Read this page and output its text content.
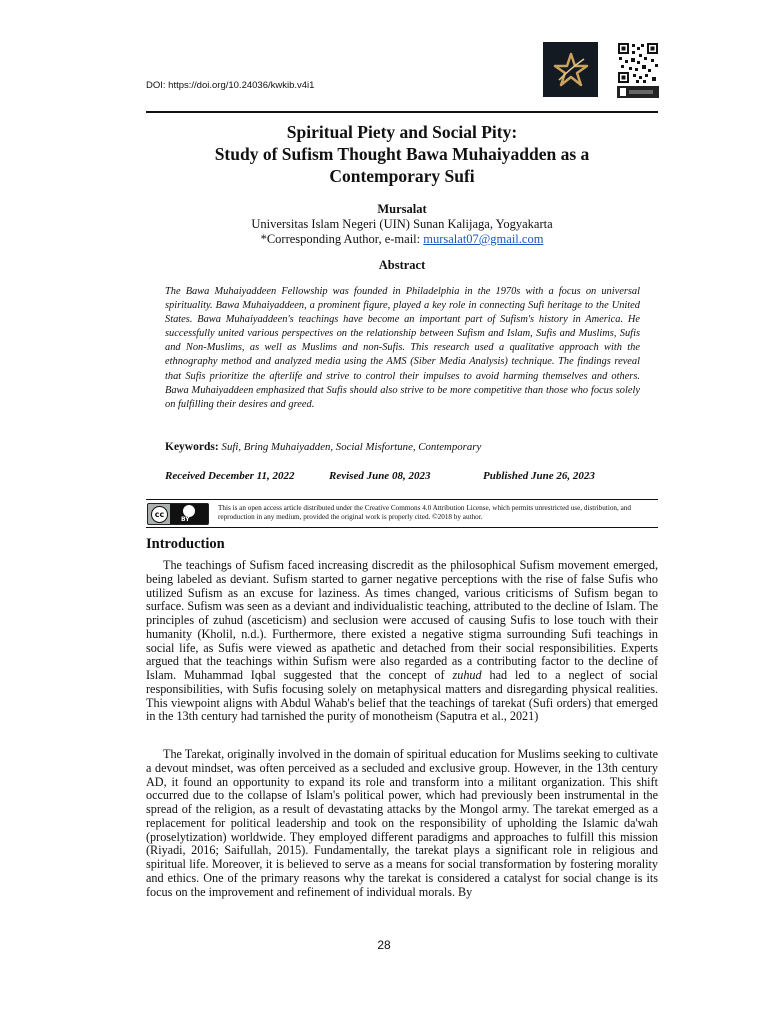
DOI: https://doi.org/10.24036/kwkib.v4i1
Spiritual Piety and Social Pity:
Study of Sufism Thought Bawa Muhaiyadden as a
Contemporary Sufi
Mursalat
Universitas Islam Negeri (UIN) Sunan Kalijaga, Yogyakarta
*Corresponding Author, e-mail: mursalat07@gmail.com
Abstract
The Bawa Muhaiyaddeen Fellowship was founded in Philadelphia in the 1970s with a focus on universal spirituality. Bawa Muhaiyaddeen, a prominent figure, played a key role in connecting Sufi heritage to the United States. Bawa Muhaiyaddeen's teachings have become an important part of Sufism's history in America. He successfully united various perspectives on the relationship between Sufism and Islam, Sufis and Muslims, Sufis and Non-Muslims, as well as Muslims and non-Sufis. This research used a qualitative approach with the ethnography method and analyzed media using the AMS (Siber Media Analysis) technique. The findings reveal that Sufis prioritize the afterlife and strive to control their impulses to avoid harming themselves and others. Bawa Muhaiyaddeen emphasized that Sufis should also strive to be more competitive than those who focus solely on fulfilling their desires and greed.
Keywords: Sufi, Bring Muhaiyadden, Social Misfortune, Contemporary
Received December 11, 2022	Revised June 08, 2023	Published June 26, 2023
cc
BY
This is an open access article distributed under the Creative Commons 4.0 Attribution License, which permits unrestricted use, distribution, and reproduction in any medium, provided the original work is properly cited. ©2018 by author.
Introduction
The teachings of Sufism faced increasing discredit as the philosophical Sufism movement emerged, being labeled as deviant. Sufism started to garner negative perceptions with the rise of false Sufis who utilized Sufism as an excuse for laziness. As times changed, various criticisms of Sufism began to surface. Sufism was seen as a deviant and individualistic teaching, attributed to the decline of Islam. The principles of zuhud (asceticism) and seclusion were accused of causing Sufis to lose touch with their humanity (Kholil, n.d.). Furthermore, there existed a negative stigma surrounding Sufi teachings in social life, as Sufis were viewed as apathetic and detached from their social responsibilities. Experts argued that the teachings within Sufism were also regarded as a contributing factor to the decline of Islam. Muhammad Iqbal suggested that the concept of zuhud had led to a neglect of social responsibilities, with Sufis focusing solely on metaphysical matters and disregarding physical realities. This viewpoint aligns with Abdul Wahab's belief that the teachings of tarekat (Sufi orders) that emerged in the 13th century had tarnished the purity of monotheism (Saputra et al., 2021)
The Tarekat, originally involved in the domain of spiritual education for Muslims seeking to cultivate a devout mindset, was often perceived as a secluded and exclusive group. However, in the 13th century AD, it found an opportunity to expand its role and transform into a militant organization. This shift occurred due to the collapse of Islam's political power, which had previously been instrumental in the spread of the religion, as a result of devastating attacks by the Mongol army. The tarekat emerged as a replacement for political leadership and took on the responsibility of upholding the Islamic da'wah (proselytization) worldwide. They employed different paradigms and approaches to fulfill this mission (Riyadi, 2016; Saifullah, 2015). Fundamentally, the tarekat plays a significant role in religious and spiritual life. Moreover, it is believed to serve as a means for social transformation by fostering morality and ethics. One of the primary reasons why the tarekat is considered a catalyst for social change is its focus on the improvement and refinement of individual morals. By
28
